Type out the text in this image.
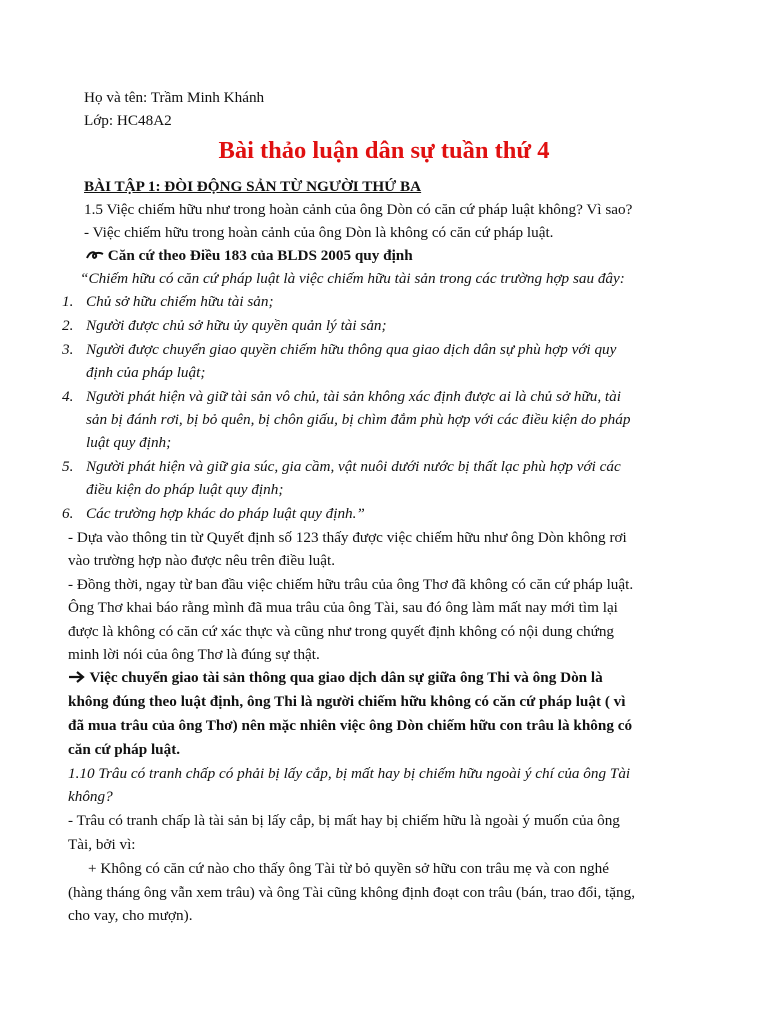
Họ và tên: Trầm Minh Khánh
Lớp: HC48A2
Bài thảo luận dân sự tuần thứ 4
BÀI TẬP 1: ĐÒI ĐỘNG SẢN TỪ NGƯỜI THỨ BA
1.5 Việc chiếm hữu như trong hoàn cảnh của ông Dòn có căn cứ pháp luật không? Vì sao?
- Việc chiếm hữu trong hoàn cảnh của ông Dòn là không có căn cứ pháp luật.
Căn cứ theo Điều 183 của BLDS 2005 quy định
“Chiếm hữu có căn cứ pháp luật là việc chiếm hữu tài sản trong các trường hợp sau đây:
1. Chủ sở hữu chiếm hữu tài sản;
2. Người được chủ sở hữu ủy quyền quản lý tài sản;
3. Người được chuyển giao quyền chiếm hữu thông qua giao dịch dân sự phù hợp với quy
định của pháp luật;
4. Người phát hiện và giữ tài sản vô chủ, tài sản không xác định được ai là chủ sở hữu, tài
sản bị đánh rơi, bị bỏ quên, bị chôn giấu, bị chìm đắm phù hợp với các điều kiện do pháp
luật quy định;
5. Người phát hiện và giữ gia súc, gia cầm, vật nuôi dưới nước bị thất lạc phù hợp với các
điều kiện do pháp luật quy định;
6. Các trường hợp khác do pháp luật quy định.”
- Dựa vào thông tin từ Quyết định số 123 thấy được việc chiếm hữu như ông Dòn không rơi
vào trường hợp nào được nêu trên điều luật.
- Đồng thời, ngay từ ban đầu việc chiếm hữu trâu của ông Thơ đã không có căn cứ pháp luật.
Ông Thơ khai báo rằng mình đã mua trâu của ông Tài, sau đó ông làm mất nay mới tìm lại
được là không có căn cứ xác thực và cũng như trong quyết định không có nội dung chứng
minh lời nói của ông Thơ là đúng sự thật.
Việc chuyển giao tài sản thông qua giao dịch dân sự giữa ông Thi và ông Dòn là
không đúng theo luật định, ông Thi là người chiếm hữu không có căn cứ pháp luật ( vì
đã mua trâu của ông Thơ) nên mặc nhiên việc ông Dòn chiếm hữu con trâu là không có
căn cứ pháp luật.
1.10 Trâu có tranh chấp có phải bị lấy cắp, bị mất hay bị chiếm hữu ngoài ý chí của ông Tài
không?
- Trâu có tranh chấp là tài sản bị lấy cắp, bị mất hay bị chiếm hữu là ngoài ý muốn của ông
Tài, bởi vì:
+ Không có căn cứ nào cho thấy ông Tài từ bỏ quyền sở hữu con trâu mẹ và con nghé
(hàng tháng ông vẫn xem trâu) và ông Tài cũng không định đoạt con trâu (bán, trao đổi, tặng,
cho vay, cho mượn).
